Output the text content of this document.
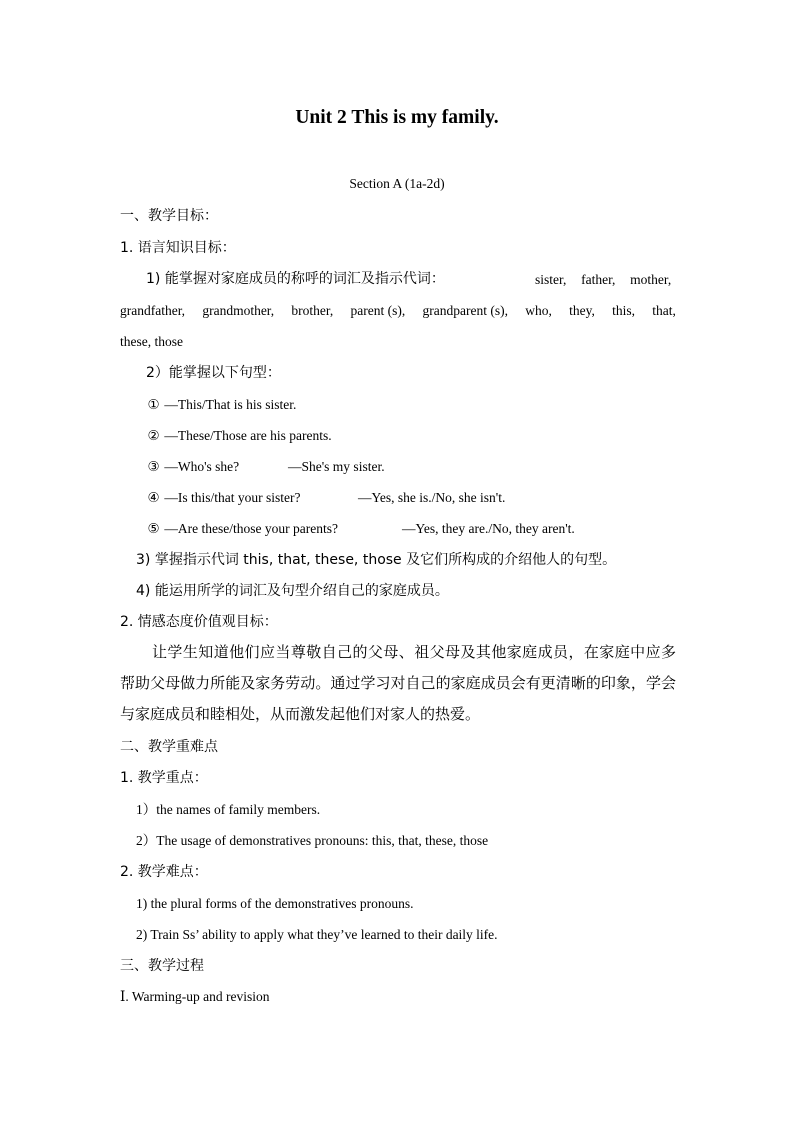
Unit 2 This is my family.
Section A (1a-2d)
一、教学目标：
1. 语言知识目标：
1) 能掌握对家庭成员的称呼的词汇及指示代词：	sister, father, mother,
grandfather, grandmother, brother, parent (s), grandparent (s), who, they, this, that,
these, those
2）能掌握以下句型：
① —This/That is his sister.
② —These/Those are his parents.
③ —Who's she?	—She's my sister.
④ —Is this/that your sister?	—Yes, she is./No, she isn't.
⑤ —Are these/those your parents?	—Yes, they are./No, they aren't.
3) 掌握指示代词 this, that, these, those 及它们所构成的介绍他人的句型。
4) 能运用所学的词汇及句型介绍自己的家庭成员。
2. 情感态度价值观目标：
让学生知道他们应当尊敬自己的父母、祖父母及其他家庭成员，在家庭中应多帮助父母做力所能及家务劳动。通过学习对自己的家庭成员会有更清晰的印象，学会与家庭成员和睦相处，从而激发起他们对家人的热爱。
二、教学重难点
1. 教学重点：
1）the names of family members.
2）The usage of demonstratives pronouns: this, that, these, those
2. 教学难点：
1) the plural forms of the demonstratives pronouns.
2) Train Ss’ ability to apply what they’ve learned to their daily life.
三、教学过程
Ⅰ. Warming-up and revision
